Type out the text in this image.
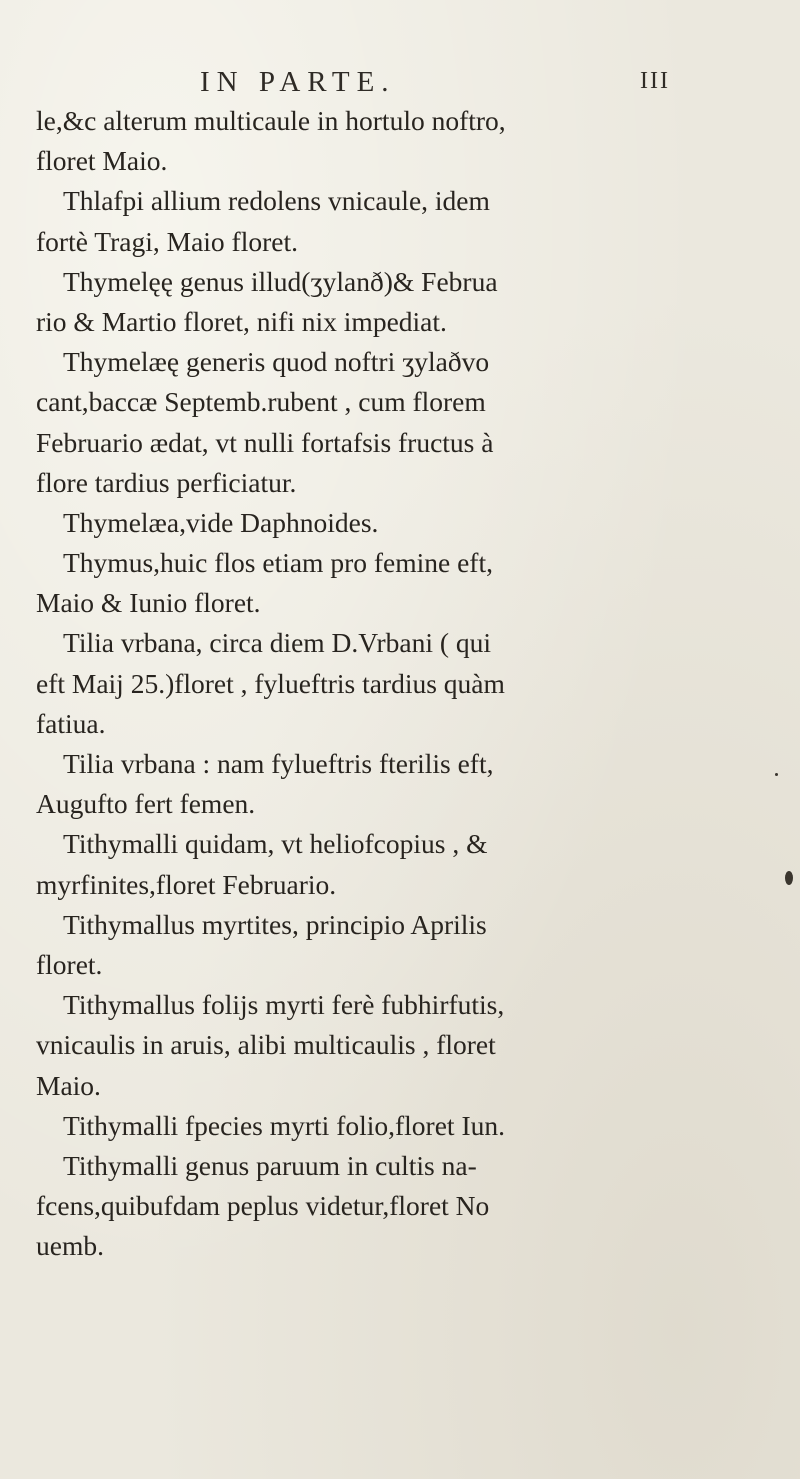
IN PARTE.	III
le,&c alterum multicaule in hortulo noftro,
floret Maio.
Thlafpi allium redolens vnicaule, idem
fortè Tragi, Maio floret.
Thymelęę genus illud(ʒylanð)& Februa
rio & Martio floret, nifi nix impediat.
Thymelæę generis quod noftri ʒylaðvo
cant,baccæ Septemb.rubent , cum florem
Februario ædat, vt nulli fortafsis fructus à
flore tardius perficiatur.
Thymelæa,vide Daphnoides.
Thymus,huic flos etiam pro femine eft,
Maio & Iunio floret.
Tilia vrbana, circa diem D.Vrbani ( qui
eft Maij 25.)floret , fylueftris tardius quàm
fatiua.
Tilia vrbana : nam fylueftris fterilis eft,
Augufto fert femen.
Tithymalli quidam, vt heliofcopius , &
myrfinites,floret Februario.
Tithymallus myrtites, principio Aprilis
floret.
Tithymallus folijs myrti ferè fubhirfutis,
vnicaulis in aruis, alibi multicaulis , floret
Maio.
Tithymalli fpecies myrti folio,floret Iun.
Tithymalli genus paruum in cultis na-
fcens,quibufdam peplus videtur,floret No
uemb.
